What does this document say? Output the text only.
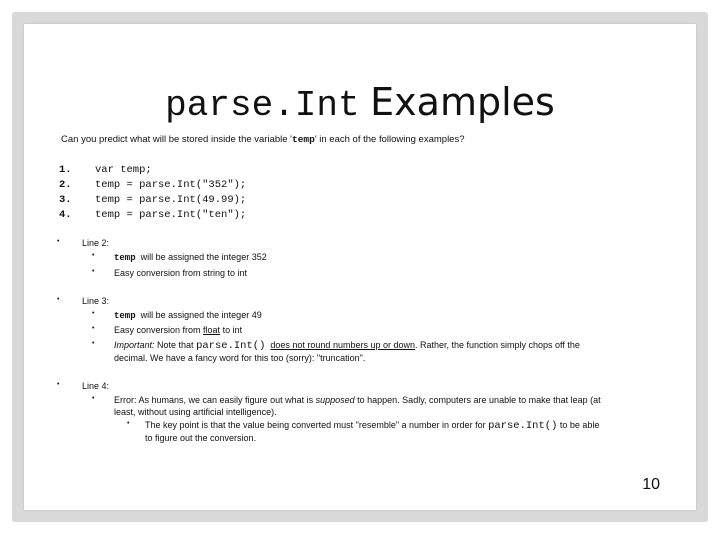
parse.Int Examples
Can you predict what will be stored inside the variable 'temp' in each of the following examples?
1. var temp;
2. temp = parse.Int("352");
3. temp = parse.Int(49.99);
4. temp = parse.Int("ten");
•	Line 2:
• temp will be assigned the integer 352
• Easy conversion from string to int
•	Line 3:
• temp will be assigned the integer 49
• Easy conversion from float to int
• Important: Note that parse.Int() does not round numbers up or down. Rather, the function simply chops off the
decimal. We have a fancy word for this too (sorry): "truncation".
•	Line 4:
• Error: As humans, we can easily figure out what is supposed to happen. Sadly, computers are unable to make that leap (at
least, without using artificial intelligence).
• The key point is that the value being converted must "resemble" a number in order for parse.Int() to be able
to figure out the conversion.
10
